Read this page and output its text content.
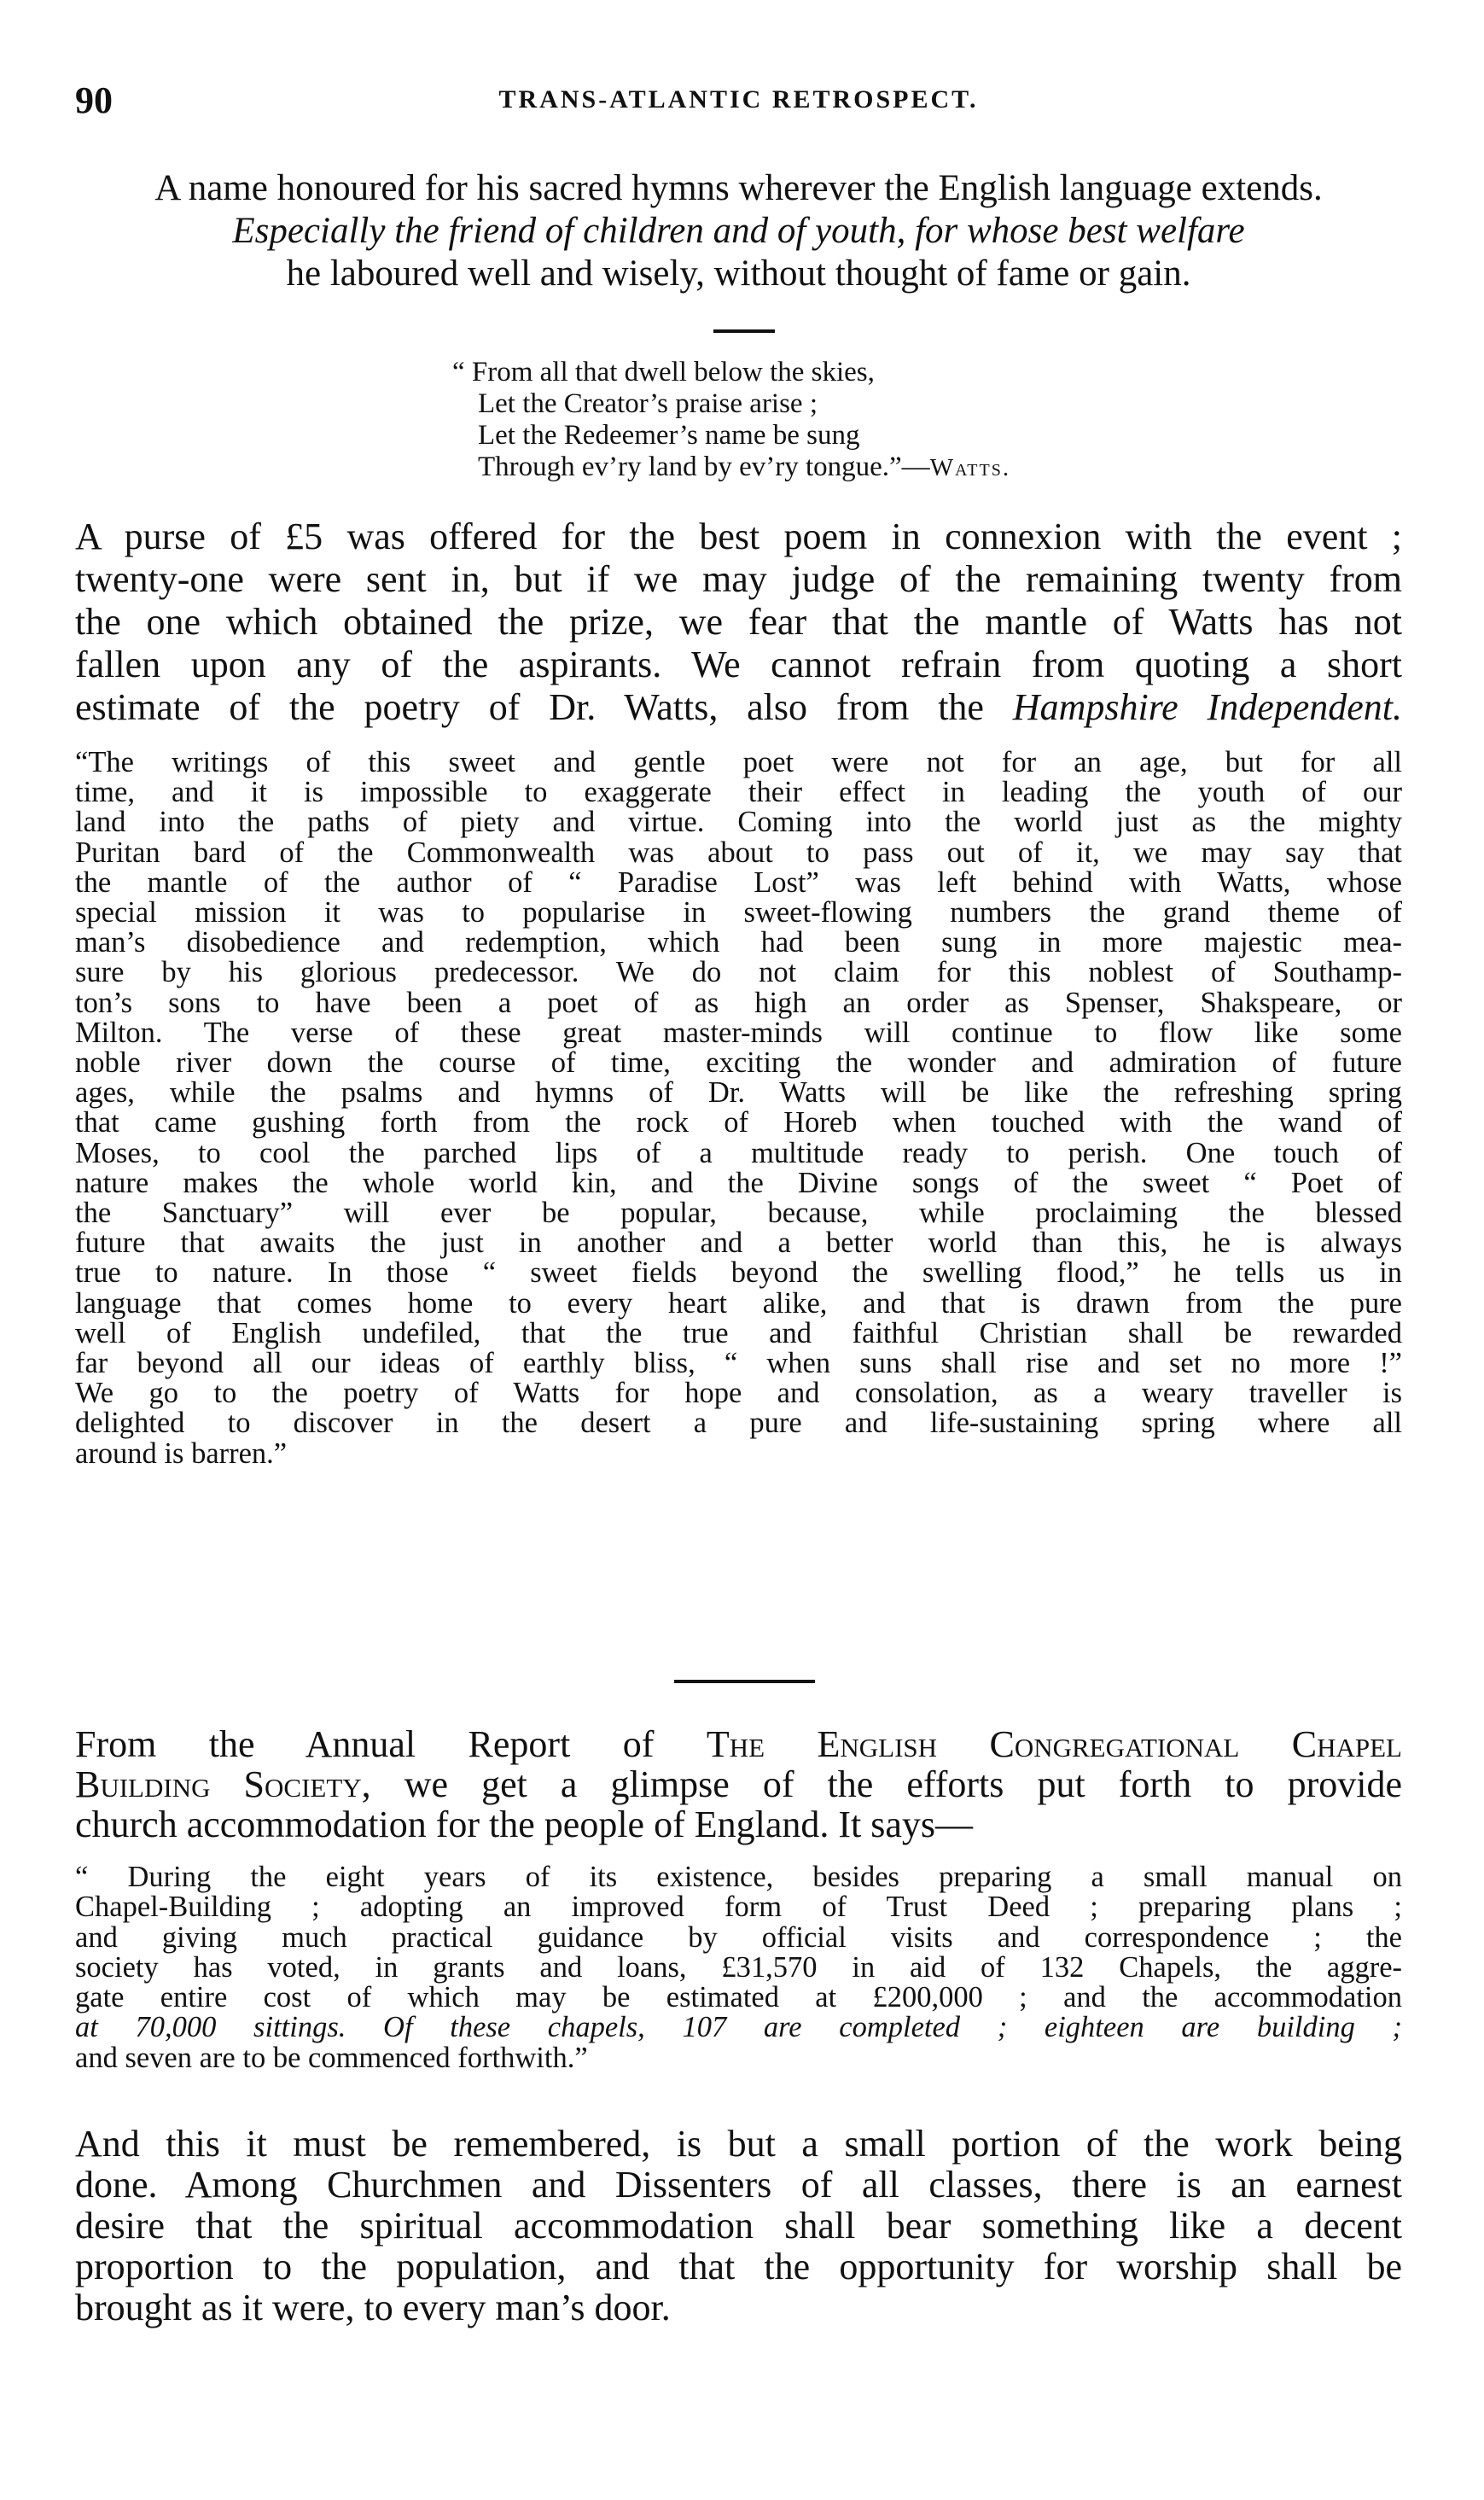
90	TRANS-ATLANTIC RETROSPECT.
A name honoured for his sacred hymns wherever the English language extends.
Especially the friend of children and of youth, for whose best welfare
he laboured well and wisely, without thought of fame or gain.
“ From all that dwell below the skies,
Let the Creator’s praise arise ;
Let the Redeemer’s name be sung
Through ev’ry land by ev’ry tongue.”—Watts.
A purse of £5 was offered for the best poem in connexion with the event ;
twenty-one were sent in, but if we may judge of the remaining twenty from
the one which obtained the prize, we fear that the mantle of Watts has not
fallen upon any of the aspirants. We cannot refrain from quoting a short
estimate of the poetry of Dr. Watts, also from the Hampshire Independent.
“The writings of this sweet and gentle poet were not for an age, but for all
time, and it is impossible to exaggerate their effect in leading the youth of our
land into the paths of piety and virtue. Coming into the world just as the mighty
Puritan bard of the Commonwealth was about to pass out of it, we may say that
the mantle of the author of “ Paradise Lost” was left behind with Watts, whose
special mission it was to popularise in sweet-flowing numbers the grand theme of
man’s disobedience and redemption, which had been sung in more majestic mea-
sure by his glorious predecessor. We do not claim for this noblest of Southamp-
ton’s sons to have been a poet of as high an order as Spenser, Shakspeare, or
Milton. The verse of these great master-minds will continue to flow like some
noble river down the course of time, exciting the wonder and admiration of future
ages, while the psalms and hymns of Dr. Watts will be like the refreshing spring
that came gushing forth from the rock of Horeb when touched with the wand of
Moses, to cool the parched lips of a multitude ready to perish. One touch of
nature makes the whole world kin, and the Divine songs of the sweet “ Poet of
the Sanctuary” will ever be popular, because, while proclaiming the blessed
future that awaits the just in another and a better world than this, he is always
true to nature. In those “ sweet fields beyond the swelling flood,” he tells us in
language that comes home to every heart alike, and that is drawn from the pure
well of English undefiled, that the true and faithful Christian shall be rewarded
far beyond all our ideas of earthly bliss, “ when suns shall rise and set no more !”
We go to the poetry of Watts for hope and consolation, as a weary traveller is
delighted to discover in the desert a pure and life-sustaining spring where all
around is barren.”
From the Annual Report of The English Congregational Chapel
Building Society, we get a glimpse of the efforts put forth to provide
church accommodation for the people of England. It says—
“ During the eight years of its existence, besides preparing a small manual on
Chapel-Building ; adopting an improved form of Trust Deed ; preparing plans ;
and giving much practical guidance by official visits and correspondence ; the
society has voted, in grants and loans, £31,570 in aid of 132 Chapels, the aggre-
gate entire cost of which may be estimated at £200,000 ; and the accommodation
at 70,000 sittings. Of these chapels, 107 are completed ; eighteen are building ;
and seven are to be commenced forthwith.”
And this it must be remembered, is but a small portion of the work being
done. Among Churchmen and Dissenters of all classes, there is an earnest
desire that the spiritual accommodation shall bear something like a decent
proportion to the population, and that the opportunity for worship shall be
brought as it were, to every man’s door.
